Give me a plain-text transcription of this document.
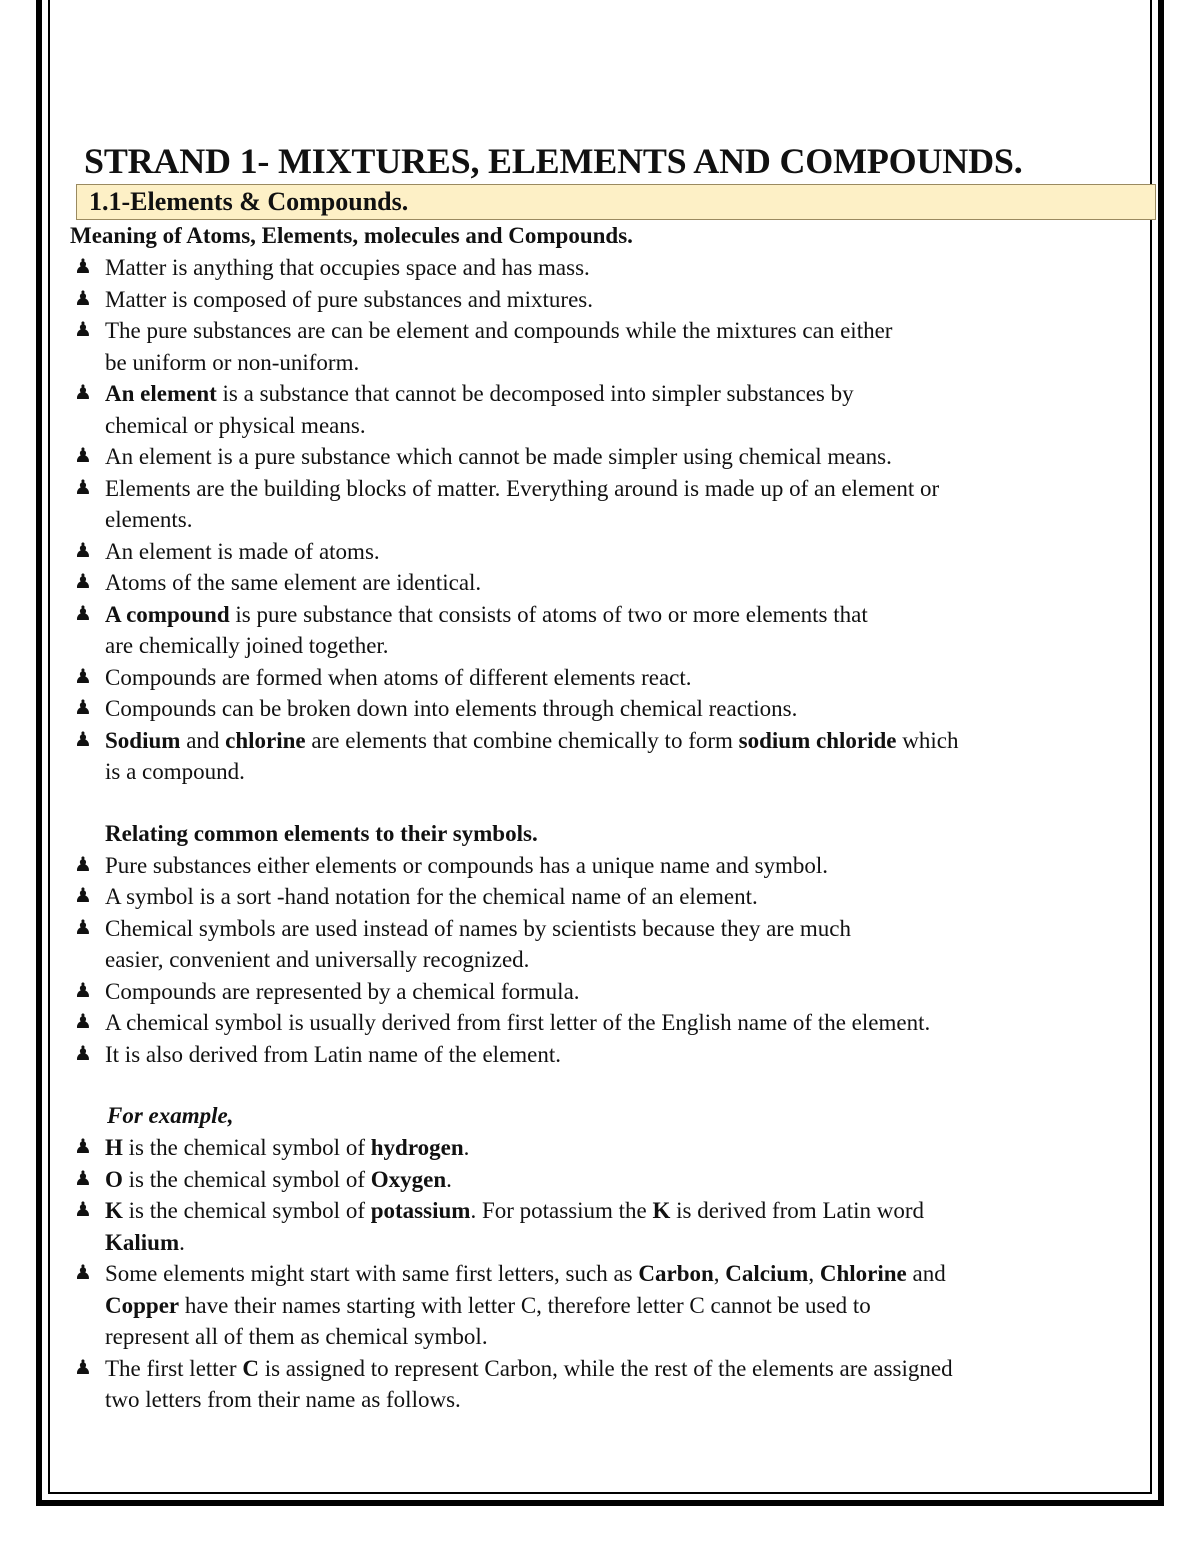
STRAND 1- MIXTURES, ELEMENTS AND COMPOUNDS.
1.1-Elements & Compounds.
Meaning of Atoms, Elements, molecules and Compounds.
♟ Matter is anything that occupies space and has mass.
♟ Matter is composed of pure substances and mixtures.
♟ The pure substances are can be element and compounds while the mixtures can either
be uniform or non-uniform.
♟ An element is a substance that cannot be decomposed into simpler substances by
chemical or physical means.
♟ An element is a pure substance which cannot be made simpler using chemical means.
♟ Elements are the building blocks of matter. Everything around is made up of an element or
elements.
♟ An element is made of atoms.
♟ Atoms of the same element are identical.
♟ A compound is pure substance that consists of atoms of two or more elements that
are chemically joined together.
♟ Compounds are formed when atoms of different elements react.
♟ Compounds can be broken down into elements through chemical reactions.
♟ Sodium and chlorine are elements that combine chemically to form sodium chloride which
is a compound.
Relating common elements to their symbols.
♟ Pure substances either elements or compounds has a unique name and symbol.
♟ A symbol is a sort -hand notation for the chemical name of an element.
♟ Chemical symbols are used instead of names by scientists because they are much
easier, convenient and universally recognized.
♟ Compounds are represented by a chemical formula.
♟ A chemical symbol is usually derived from first letter of the English name of the element.
♟ It is also derived from Latin name of the element.
For example,
♟ H is the chemical symbol of hydrogen.
♟ O is the chemical symbol of Oxygen.
♟ K is the chemical symbol of potassium. For potassium the K is derived from Latin word
Kalium.
♟ Some elements might start with same first letters, such as Carbon, Calcium, Chlorine and
Copper have their names starting with letter C, therefore letter C cannot be used to
represent all of them as chemical symbol.
♟ The first letter C is assigned to represent Carbon, while the rest of the elements are assigned
two letters from their name as follows.
